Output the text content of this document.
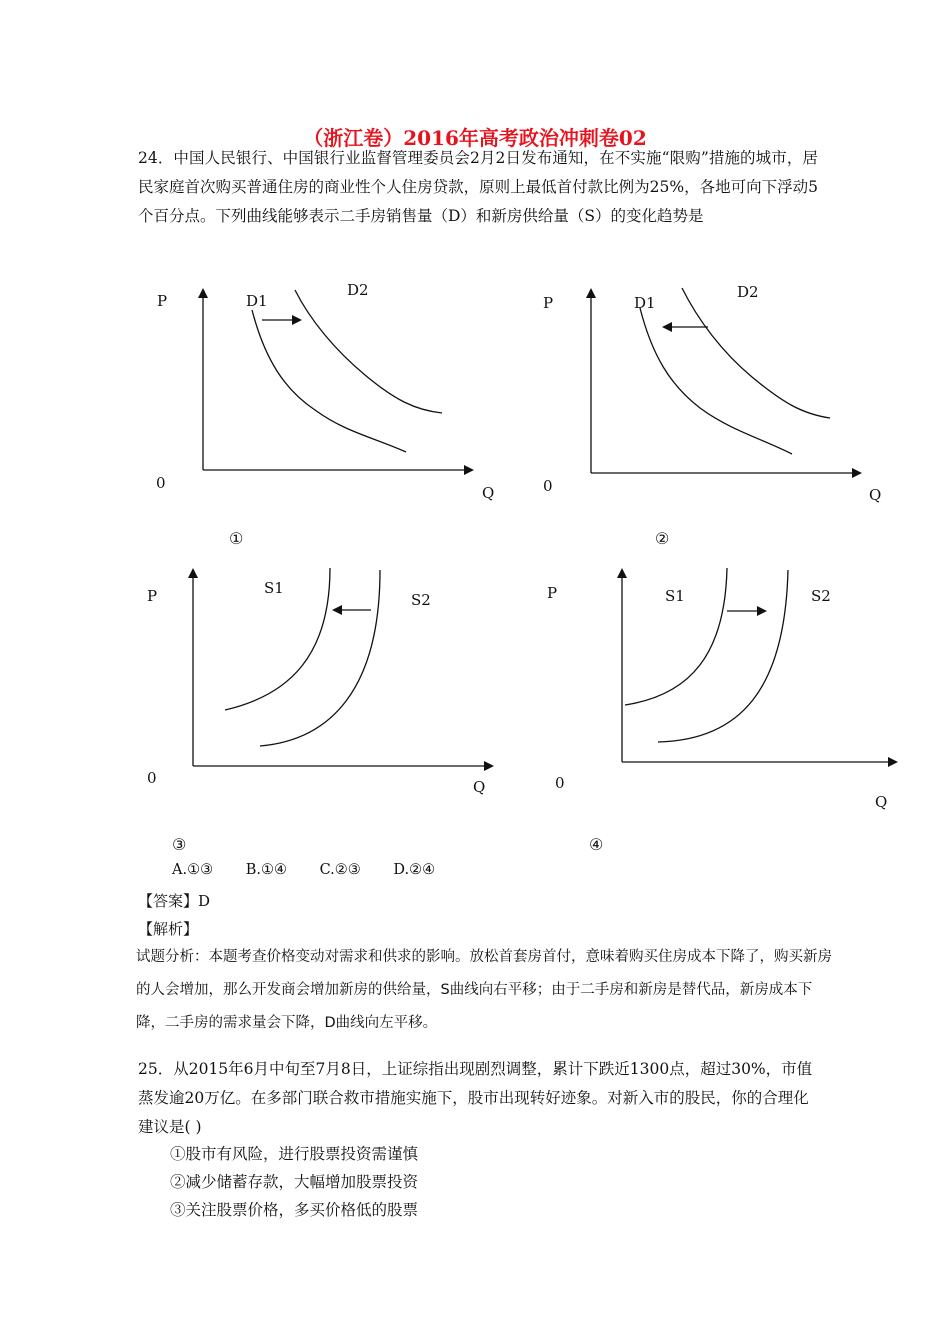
（浙江卷）2016年高考政治冲刺卷02
24．中国人民银行、中国银行业监督管理委员会2月2日发布通知，在不实施“限购”措施的城市，居民家庭首次购买普通住房的商业性个人住房贷款，原则上最低首付款比例为25%，各地可向下浮动5个百分点。下列曲线能够表示二手房销售量（D）和新房供给量（S）的变化趋势是
P	D1
D2
0
Q
①
P	D1
D2
0	Q
②
P	S1
S2
0	Q
③
P	S1	S2
0
Q
④
A.①③ B.①④ C.②③ D.②④
【答案】D
【解析】
试题分析：本题考查价格变动对需求和供求的影响。放松首套房首付，意味着购买住房成本下降了，购买新房的人会增加，那么开发商会增加新房的供给量，S曲线向右平移；由于二手房和新房是替代品，新房成本下降，二手房的需求量会下降，D曲线向左平移。
25．从2015年6月中旬至7月8日，上证综指出现剧烈调整，累计下跌近1300点，超过30%，市值蒸发逾20万亿。在多部门联合救市措施实施下，股市出现转好迹象。对新入市的股民，你的合理化建议是( )
①股市有风险，进行股票投资需谨慎
②减少储蓄存款，大幅增加股票投资
③关注股票价格，多买价格低的股票
